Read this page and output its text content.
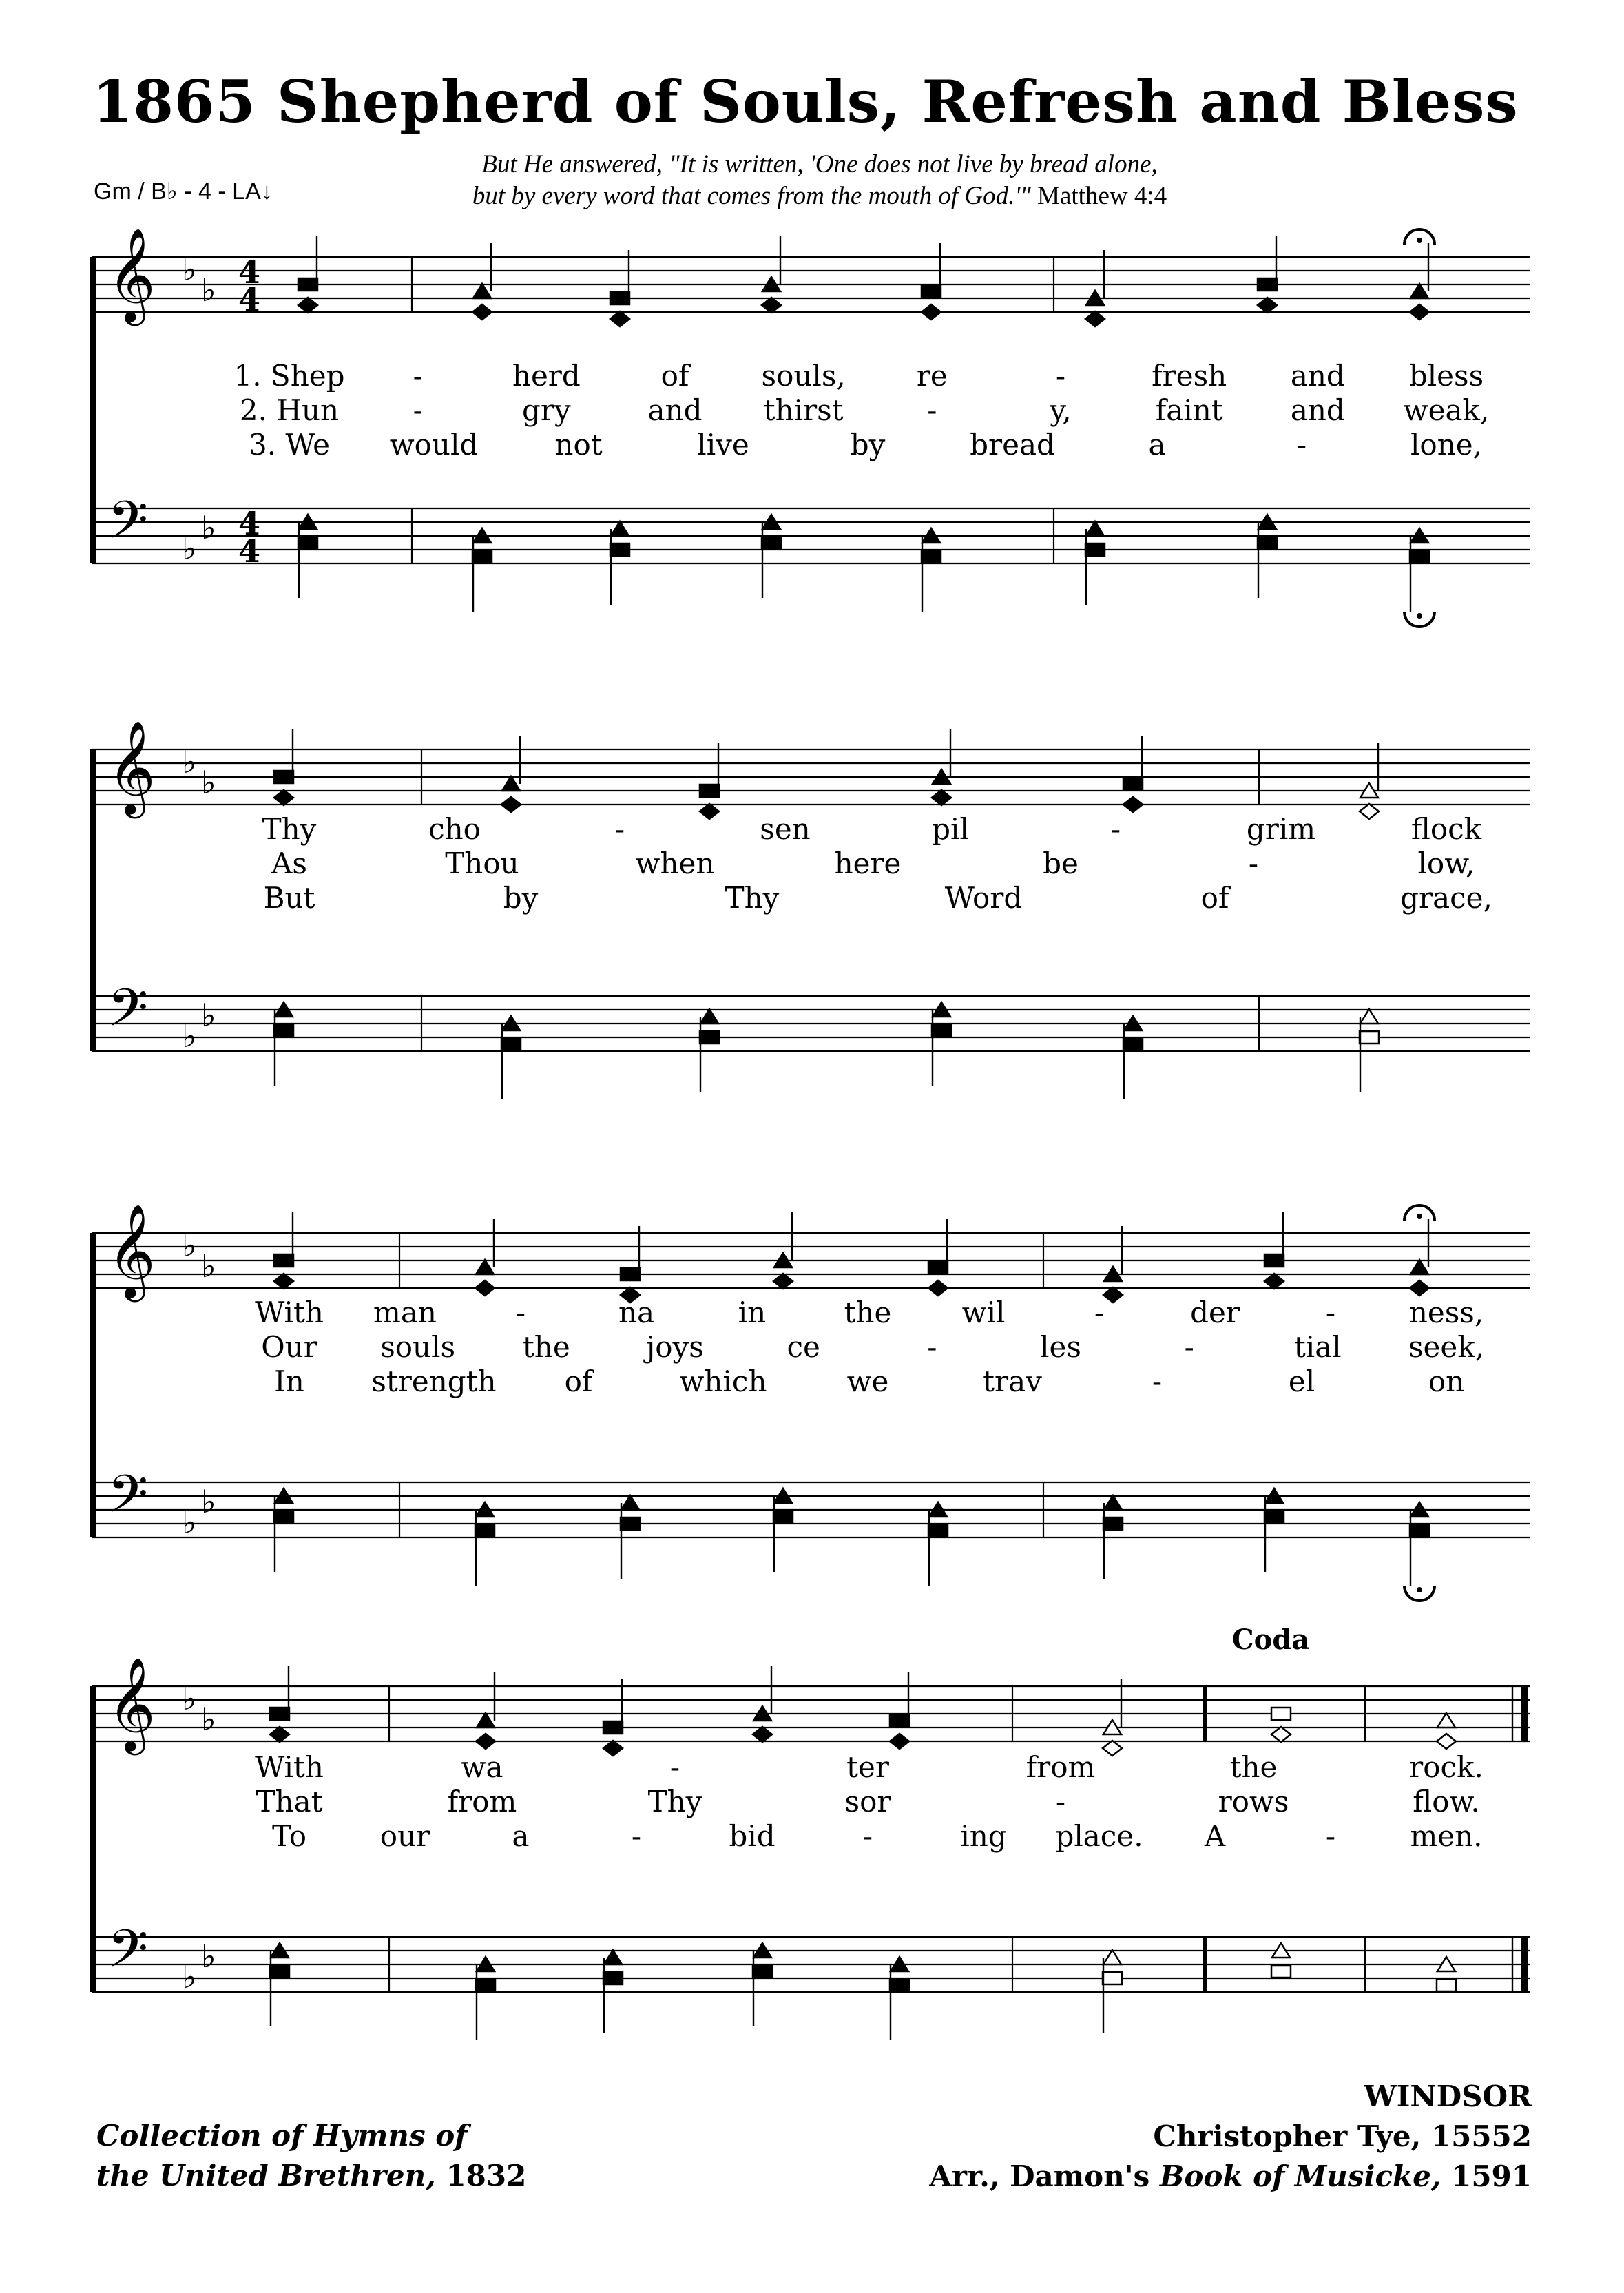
1865 Shepherd of Souls, Refresh and Bless
But He answered, "It is written, 'One does not live by bread alone,
but by every word that comes from the mouth of God.'" Matthew 4:4
Gm / B♭ - 4 - LA↓
𝄞
𝄢
♭
♭
♭
♭
4
4
4
4
1. Shep -	herd	of	souls, re	-	fresh and bless
2. Hun	-	gry	and thirst	-	y,	faint and weak,
3. We would	not	live	by	bread	a	-	lone,
𝄞
𝄢
♭
♭
♭
♭
Thy	cho	-	sen	pil	-	grim	flock
As	Thou	when	here	be	-	low,
But	by	Thy	Word	of	grace,
𝄞
𝄢
♭
♭
♭
♭
With man	-	na	in	the wil	-	der	-	ness,
Our souls the	joys	ce	-	les	-	tial seek,
In strength of	which	we	trav	-	el	on
𝄞
𝄢
♭
♭
♭
♭
Coda
With	wa	-	ter	from	the	rock.
That	from	Thy	sor	-	rows	flow.
To	our	a	-	bid	-	ing place. A	-	men.
Collection of Hymns of
the United Brethren, 1832
WINDSOR
Christopher Tye, 15552
Arr., Damon's Book of Musicke, 1591
